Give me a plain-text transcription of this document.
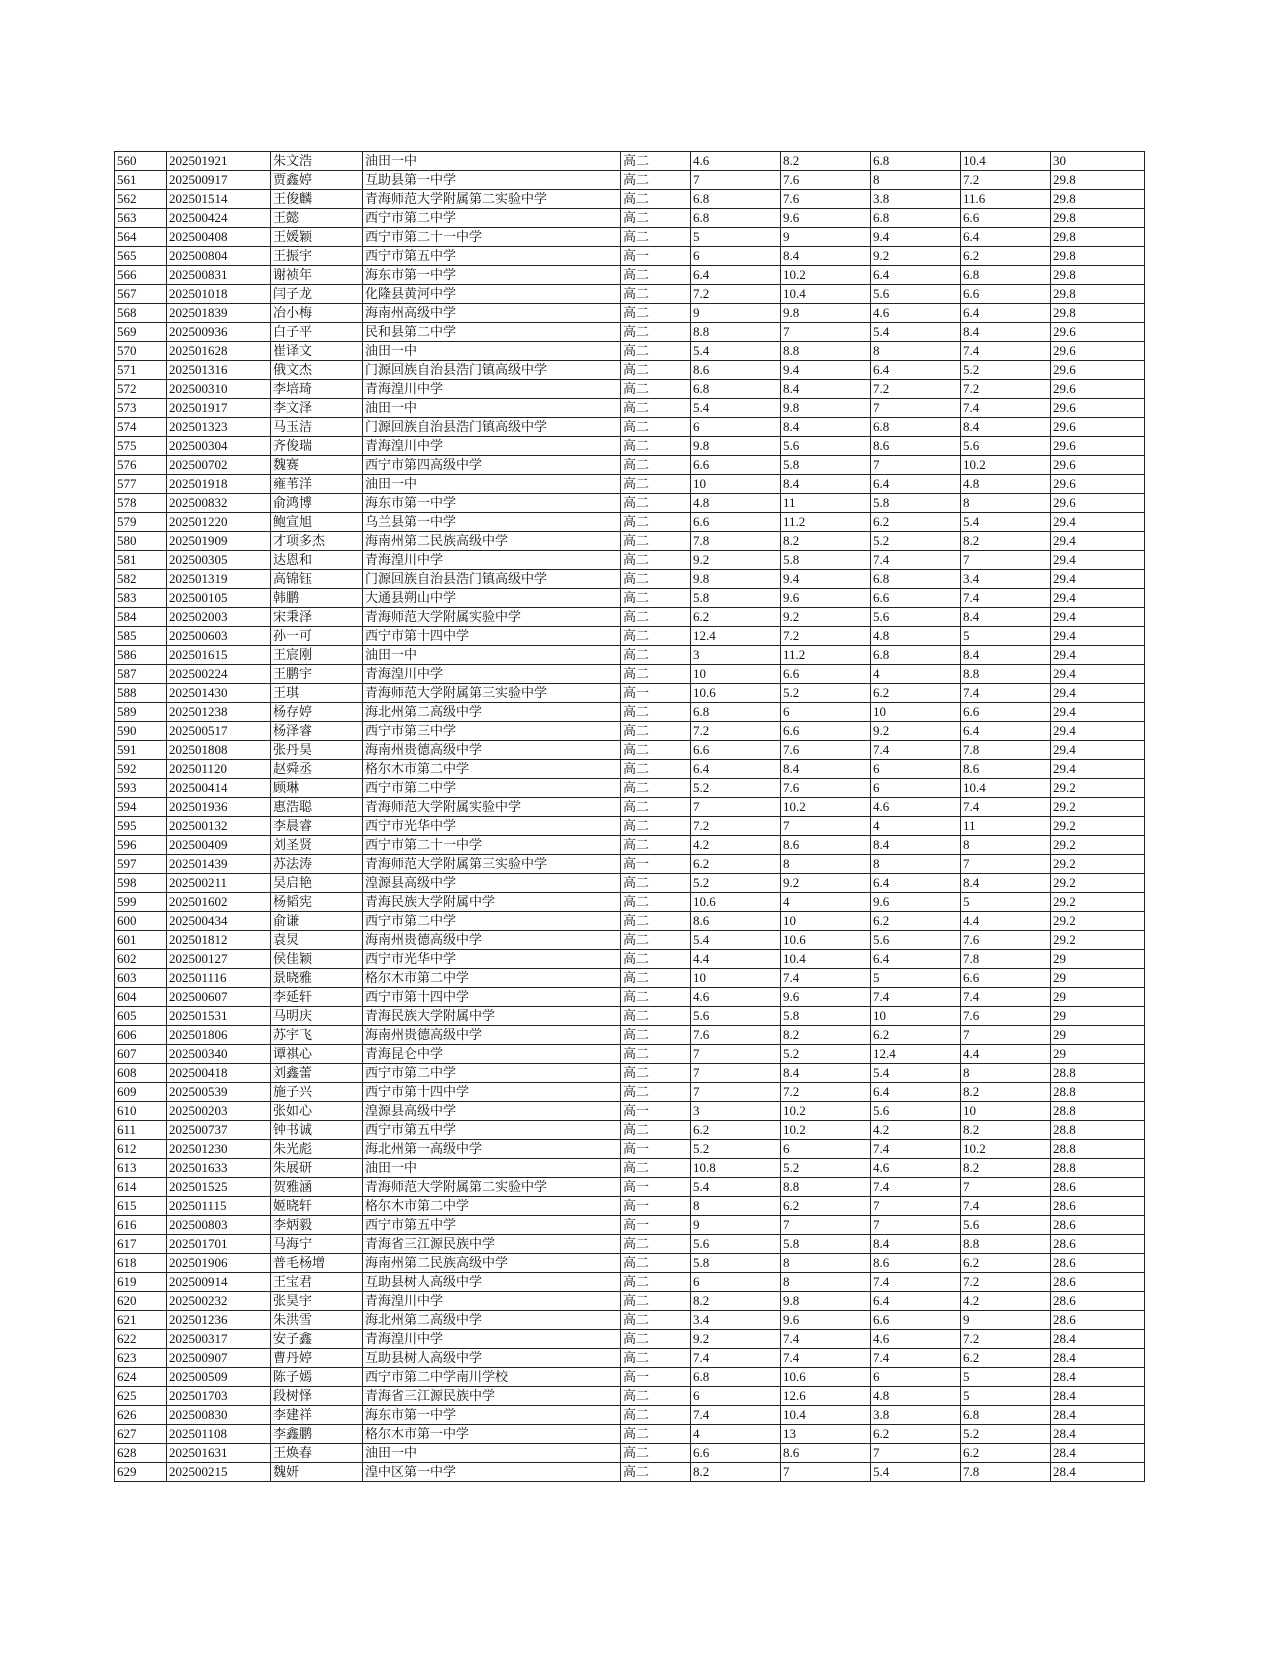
560	202501921	朱文浩	油田一中	高二	4.6	8.2	6.8	10.4	30
561	202500917	贾鑫婷	互助县第一中学	高二	7	7.6	8	7.2	29.8
562	202501514	王俊麟	青海师范大学附属第二实验中学	高二	6.8	7.6	3.8	11.6	29.8
563	202500424	王懿	西宁市第二中学	高二	6.8	9.6	6.8	6.6	29.8
564	202500408	王媛颖	西宁市第二十一中学	高二	5	9	9.4	6.4	29.8
565	202500804	王振宇	西宁市第五中学	高一	6	8.4	9.2	6.2	29.8
566	202500831	谢祯年	海东市第一中学	高二	6.4	10.2	6.4	6.8	29.8
567	202501018	闫子龙	化隆县黄河中学	高二	7.2	10.4	5.6	6.6	29.8
568	202501839	冶小梅	海南州高级中学	高二	9	9.8	4.6	6.4	29.8
569	202500936	白子平	民和县第二中学	高二	8.8	7	5.4	8.4	29.6
570	202501628	崔译文	油田一中	高二	5.4	8.8	8	7.4	29.6
571	202501316	俄文杰	门源回族自治县浩门镇高级中学	高二	8.6	9.4	6.4	5.2	29.6
572	202500310	李培琦	青海湟川中学	高二	6.8	8.4	7.2	7.2	29.6
573	202501917	李文泽	油田一中	高二	5.4	9.8	7	7.4	29.6
574	202501323	马玉洁	门源回族自治县浩门镇高级中学	高二	6	8.4	6.8	8.4	29.6
575	202500304	齐俊瑞	青海湟川中学	高二	9.8	5.6	8.6	5.6	29.6
576	202500702	魏赛	西宁市第四高级中学	高二	6.6	5.8	7	10.2	29.6
577	202501918	雍苇洋	油田一中	高二	10	8.4	6.4	4.8	29.6
578	202500832	俞鸿博	海东市第一中学	高二	4.8	11	5.8	8	29.6
579	202501220	鲍宣旭	乌兰县第一中学	高二	6.6	11.2	6.2	5.4	29.4
580	202501909	才项多杰	海南州第二民族高级中学	高二	7.8	8.2	5.2	8.2	29.4
581	202500305	达恩和	青海湟川中学	高二	9.2	5.8	7.4	7	29.4
582	202501319	高锦钰	门源回族自治县浩门镇高级中学	高二	9.8	9.4	6.8	3.4	29.4
583	202500105	韩鹏	大通县朔山中学	高二	5.8	9.6	6.6	7.4	29.4
584	202502003	宋秉泽	青海师范大学附属实验中学	高二	6.2	9.2	5.6	8.4	29.4
585	202500603	孙一可	西宁市第十四中学	高二	12.4	7.2	4.8	5	29.4
586	202501615	王宸刚	油田一中	高二	3	11.2	6.8	8.4	29.4
587	202500224	王鹏宇	青海湟川中学	高二	10	6.6	4	8.8	29.4
588	202501430	王琪	青海师范大学附属第三实验中学	高一	10.6	5.2	6.2	7.4	29.4
589	202501238	杨存婷	海北州第二高级中学	高二	6.8	6	10	6.6	29.4
590	202500517	杨泽睿	西宁市第三中学	高二	7.2	6.6	9.2	6.4	29.4
591	202501808	张丹昊	海南州贵德高级中学	高二	6.6	7.6	7.4	7.8	29.4
592	202501120	赵舜丞	格尔木市第二中学	高二	6.4	8.4	6	8.6	29.4
593	202500414	顾琳	西宁市第二中学	高二	5.2	7.6	6	10.4	29.2
594	202501936	惠浩聪	青海师范大学附属实验中学	高二	7	10.2	4.6	7.4	29.2
595	202500132	李晨睿	西宁市光华中学	高二	7.2	7	4	11	29.2
596	202500409	刘圣贤	西宁市第二十一中学	高二	4.2	8.6	8.4	8	29.2
597	202501439	苏法涛	青海师范大学附属第三实验中学	高一	6.2	8	8	7	29.2
598	202500211	吴启艳	湟源县高级中学	高二	5.2	9.2	6.4	8.4	29.2
599	202501602	杨韬宪	青海民族大学附属中学	高二	10.6	4	9.6	5	29.2
600	202500434	俞谦	西宁市第二中学	高二	8.6	10	6.2	4.4	29.2
601	202501812	袁炅	海南州贵德高级中学	高二	5.4	10.6	5.6	7.6	29.2
602	202500127	侯佳颖	西宁市光华中学	高二	4.4	10.4	6.4	7.8	29
603	202501116	景晓雅	格尔木市第二中学	高二	10	7.4	5	6.6	29
604	202500607	李延轩	西宁市第十四中学	高二	4.6	9.6	7.4	7.4	29
605	202501531	马明庆	青海民族大学附属中学	高二	5.6	5.8	10	7.6	29
606	202501806	苏宇飞	海南州贵德高级中学	高二	7.6	8.2	6.2	7	29
607	202500340	谭祺心	青海昆仑中学	高二	7	5.2	12.4	4.4	29
608	202500418	刘鑫蕾	西宁市第二中学	高二	7	8.4	5.4	8	28.8
609	202500539	施子兴	西宁市第十四中学	高二	7	7.2	6.4	8.2	28.8
610	202500203	张如心	湟源县高级中学	高一	3	10.2	5.6	10	28.8
611	202500737	钟书诚	西宁市第五中学	高二	6.2	10.2	4.2	8.2	28.8
612	202501230	朱光彪	海北州第一高级中学	高一	5.2	6	7.4	10.2	28.8
613	202501633	朱展研	油田一中	高二	10.8	5.2	4.6	8.2	28.8
614	202501525	贺雅涵	青海师范大学附属第二实验中学	高一	5.4	8.8	7.4	7	28.6
615	202501115	姬晓轩	格尔木市第二中学	高一	8	6.2	7	7.4	28.6
616	202500803	李炳毅	西宁市第五中学	高一	9	7	7	5.6	28.6
617	202501701	马海宁	青海省三江源民族中学	高二	5.6	5.8	8.4	8.8	28.6
618	202501906	普毛杨增	海南州第二民族高级中学	高二	5.8	8	8.6	6.2	28.6
619	202500914	王宝君	互助县树人高级中学	高二	6	8	7.4	7.2	28.6
620	202500232	张昊宇	青海湟川中学	高二	8.2	9.8	6.4	4.2	28.6
621	202501236	朱洪雪	海北州第二高级中学	高二	3.4	9.6	6.6	9	28.6
622	202500317	安子鑫	青海湟川中学	高二	9.2	7.4	4.6	7.2	28.4
623	202500907	曹丹婷	互助县树人高级中学	高二	7.4	7.4	7.4	6.2	28.4
624	202500509	陈子嫣	西宁市第二中学南川学校	高一	6.8	10.6	6	5	28.4
625	202501703	段树怿	青海省三江源民族中学	高二	6	12.6	4.8	5	28.4
626	202500830	李建祥	海东市第一中学	高二	7.4	10.4	3.8	6.8	28.4
627	202501108	李鑫鹏	格尔木市第一中学	高二	4	13	6.2	5.2	28.4
628	202501631	王焕春	油田一中	高二	6.6	8.6	7	6.2	28.4
629	202500215	魏妍	湟中区第一中学	高二	8.2	7	5.4	7.8	28.4
